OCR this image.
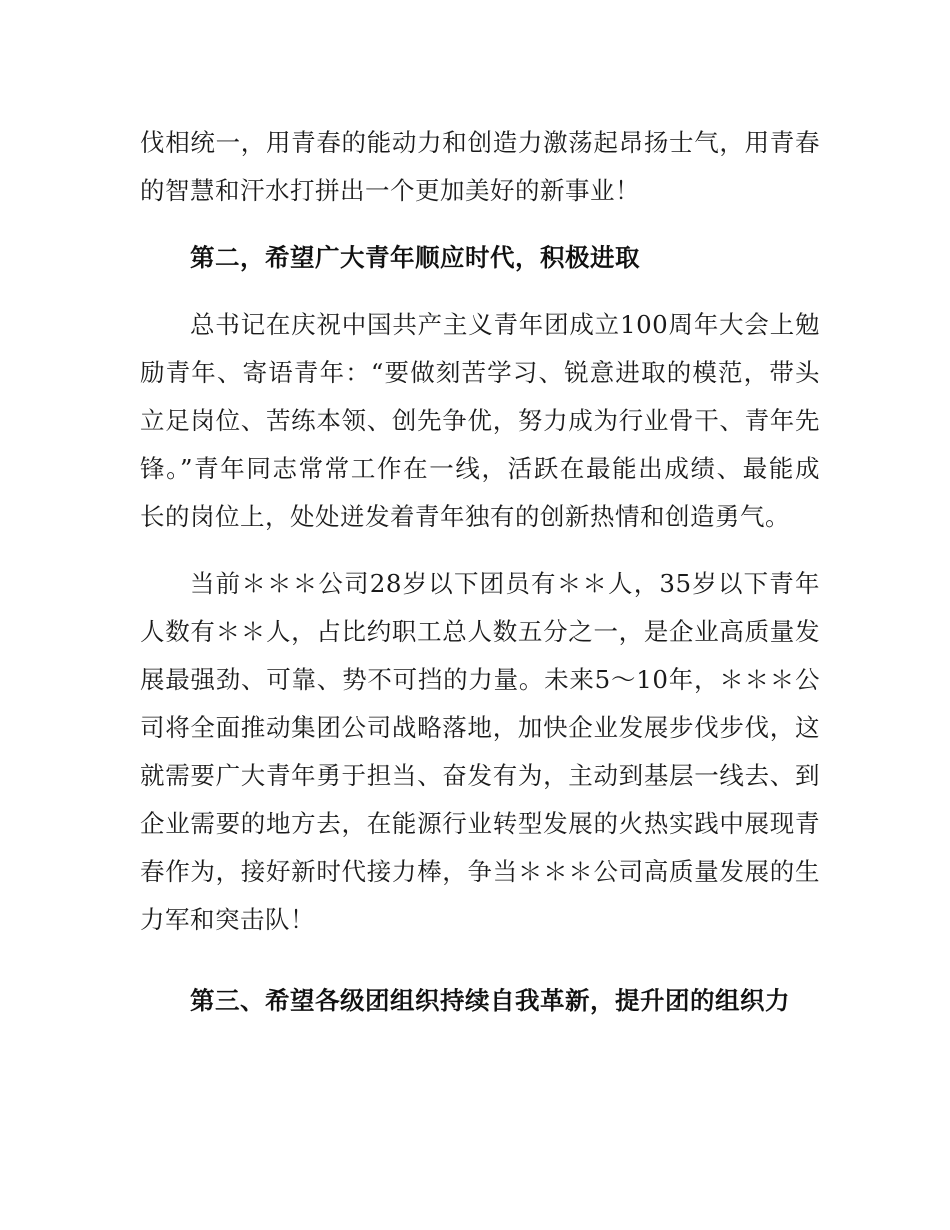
伐相统一，用青春的能动力和创造力激荡起昂扬士气，用青春

的智慧和汗水打拼出一个更加美好的新事业！

第二，希望广大青年顺应时代，积极进取

总书记在庆祝中国共产主义青年团成立100周年大会上勉

励青年、寄语青年：“要做刻苦学习、锐意进取的模范，带头

立足岗位、苦练本领、创先争优，努力成为行业骨干、青年先

锋。”青年同志常常工作在一线，活跃在最能出成绩、最能成

长的岗位上，处处迸发着青年独有的创新热情和创造勇气。

当前＊＊＊公司28岁以下团员有＊＊人，35岁以下青年

人数有＊＊人，占比约职工总人数五分之一，是企业高质量发

展最强劲、可靠、势不可挡的力量。未来5～10年，＊＊＊公

司将全面推动集团公司战略落地，加快企业发展步伐步伐，这

就需要广大青年勇于担当、奋发有为，主动到基层一线去、到

企业需要的地方去，在能源行业转型发展的火热实践中展现青

春作为，接好新时代接力棒，争当＊＊＊公司高质量发展的生

力军和突击队！

第三、希望各级团组织持续自我革新，提升团的组织力
